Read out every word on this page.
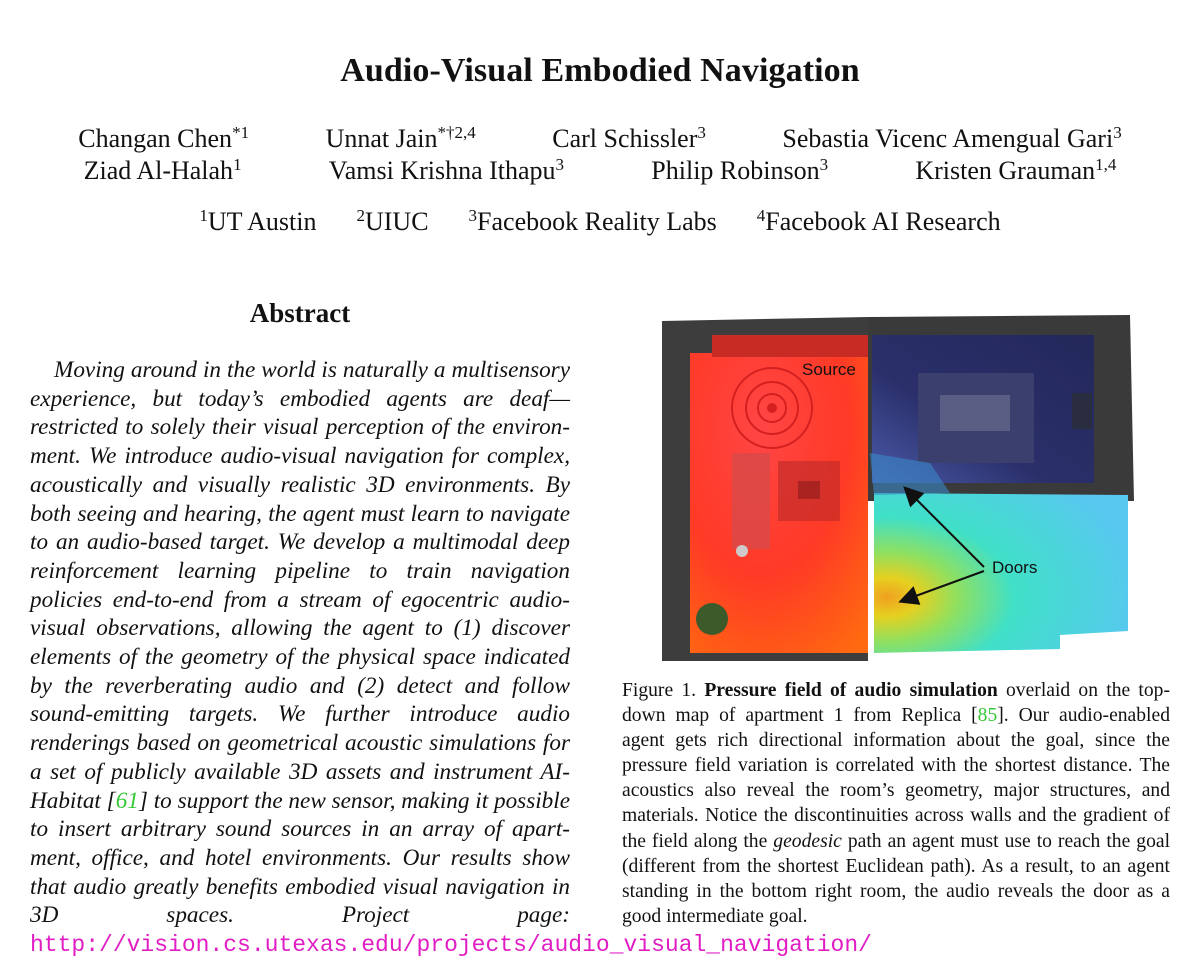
Audio-Visual Embodied Navigation
Changan Chen$^{*1}$	Unnat Jain$^{*\dagger 2,4}$	Carl Schissler$^3$	Sebastia Vicenc Amengual Gari$^3$
Ziad Al-Halah$^1$	Vamsi Krishna Ithapu$^3$	Philip Robinson$^3$	Kristen Grauman$^{1,4}$
$^1$UT Austin $^2$UIUC $^3$Facebook Reality Labs $^4$Facebook AI Research
Abstract

Moving around in the world is naturally a multisensory experience, but today’s embodied agents are deaf—restricted to solely their visual perception of the environment. We introduce audio-visual navigation for complex, acoustically and visually realistic 3D environments. By both seeing and hearing, the agent must learn to navigate to an audio-based target. We develop a multimodal deep reinforcement learning pipeline to train navigation policies end-to-end from a stream of egocentric audio-visual observations, allowing the agent to (1) discover elements of the geometry of the physical space indicated by the reverberating audio and (2) detect and follow sound-emitting targets. We further introduce audio renderings based on geometrical acoustic simulations for a set of publicly available 3D assets and instrument AI-Habitat [61] to support the new sensor, making it possible to insert arbitrary sound sources in an array of apartment, office, and hotel environments. Our results show that audio greatly benefits embodied visual navigation in 3D spaces. Project page: http://vision.cs.utexas.edu/projects/audio_visual_navigation/

Source
Doors
Figure 1. Pressure field of audio simulation overlaid on the top-down map of apartment 1 from Replica [85]. Our audio-enabled agent gets rich directional information about the goal, since the pressure field variation is correlated with the shortest distance. The acoustics also reveal the room’s geometry, major structures, and materials. Notice the discontinuities across walls and the gradient of the field along the geodesic path an agent must use to reach the goal (different from the shortest Euclidean path). As a result, to an agent standing in the bottom right room, the audio reveals the door as a good intermediate goal.
